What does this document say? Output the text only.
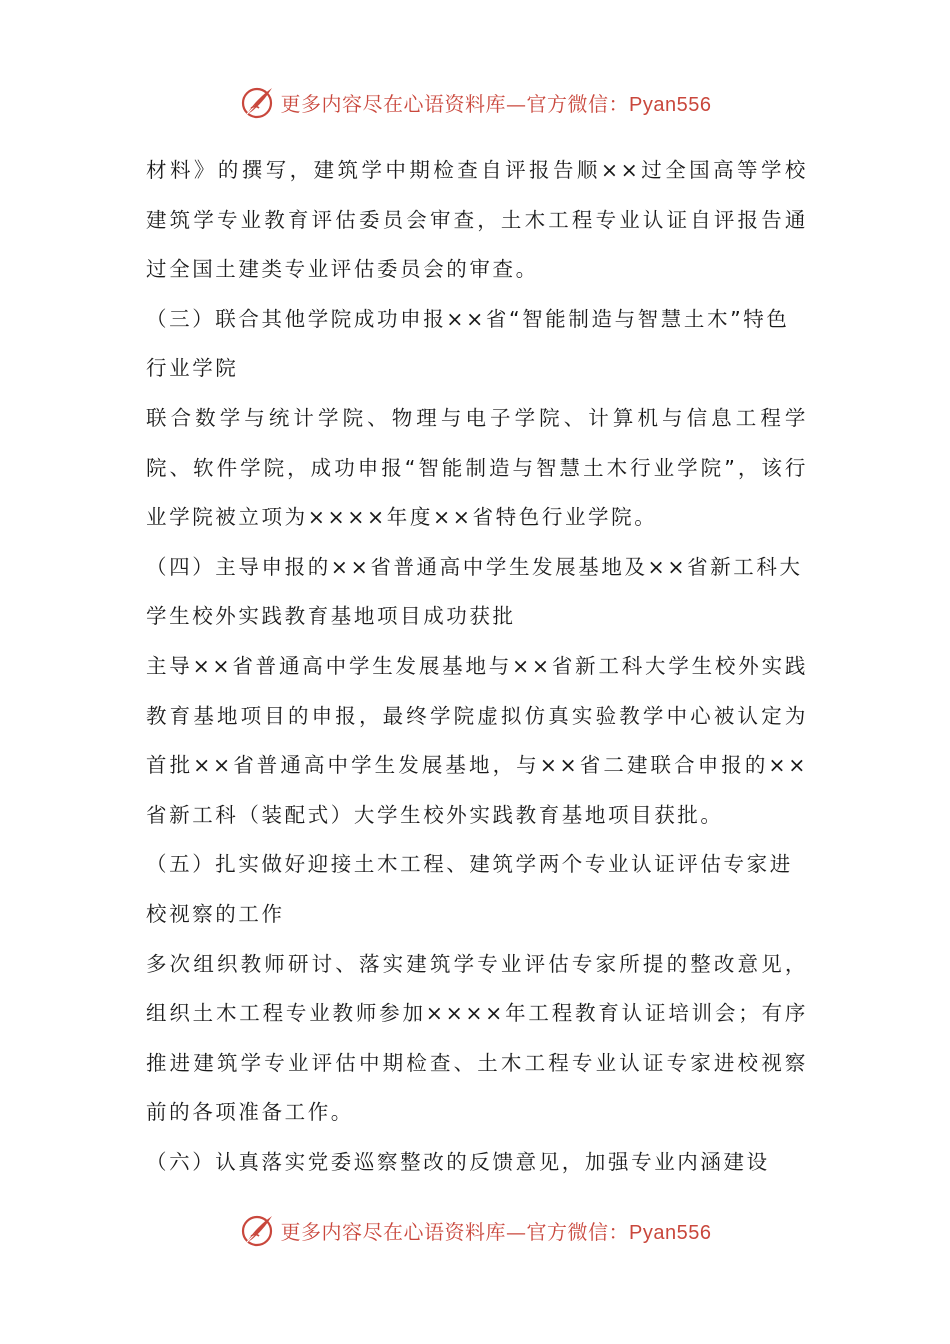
更多内容尽在心语资料库—官方微信：Pyan556

材料》的撰写，建筑学中期检查自评报告顺××过全国高等学校建筑学专业教育评估委员会审查，土木工程专业认证自评报告通过全国土建类专业评估委员会的审查。

（三）联合其他学院成功申报××省“智能制造与智慧土木”特色行业学院

联合数学与统计学院、物理与电子学院、计算机与信息工程学院、软件学院，成功申报“智能制造与智慧土木行业学院”，该行业学院被立项为××××年度××省特色行业学院。

（四）主导申报的××省普通高中学生发展基地及××省新工科大学生校外实践教育基地项目成功获批

主导××省普通高中学生发展基地与××省新工科大学生校外实践教育基地项目的申报，最终学院虚拟仿真实验教学中心被认定为首批××省普通高中学生发展基地，与××省二建联合申报的××省新工科（装配式）大学生校外实践教育基地项目获批。

（五）扎实做好迎接土木工程、建筑学两个专业认证评估专家进校视察的工作

多次组织教师研讨、落实建筑学专业评估专家所提的整改意见，组织土木工程专业教师参加××××年工程教育认证培训会；有序推进建筑学专业评估中期检查、土木工程专业认证专家进校视察前的各项准备工作。

（六）认真落实党委巡察整改的反馈意见，加强专业内涵建设

更多内容尽在心语资料库—官方微信：Pyan556
